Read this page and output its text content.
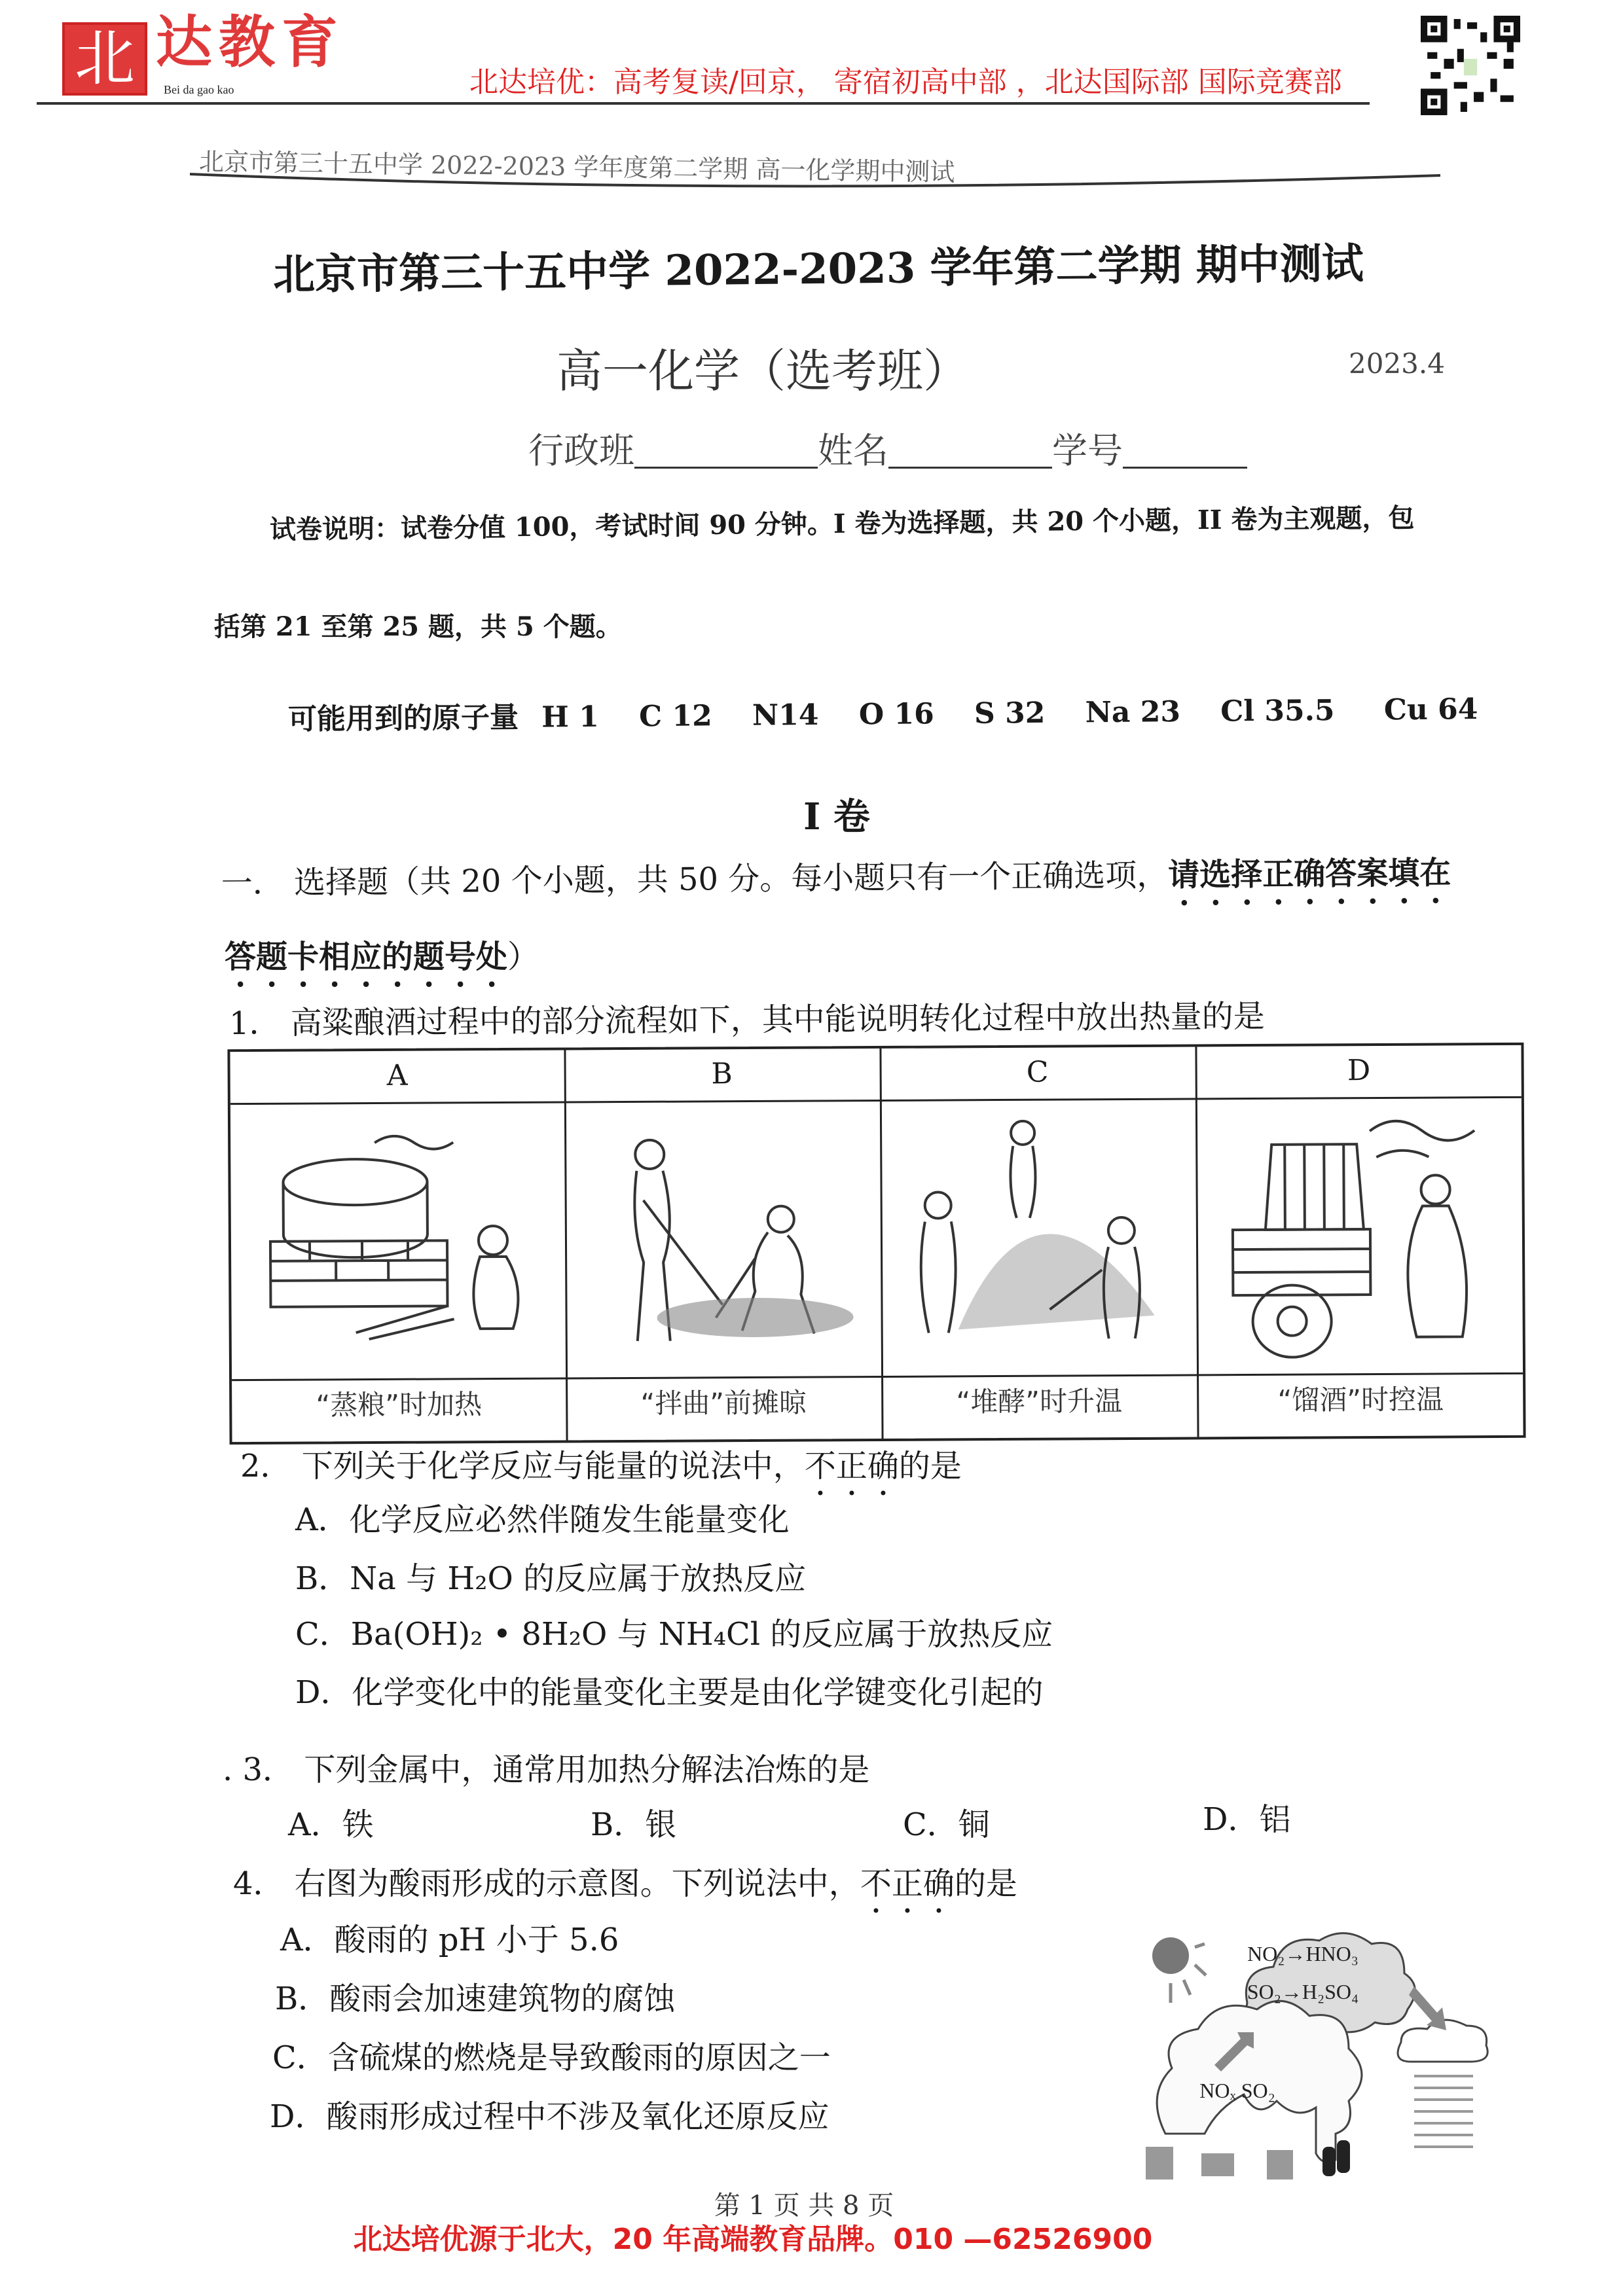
北 达教育
Bei da gao kao	北达培优：高考复读/回京， 寄宿初高中部 ，北达国际部 国际竞赛部
北京市第三十五中学 2022-2023 学年度第二学期 高一化学期中测试
北京市第三十五中学 2022-2023 学年第二学期 期中测试
高一化学（选考班）	2023.4
行政班	姓名	学号
试卷说明：试卷分值 100，考试时间 90 分钟。I 卷为选择题，共 20 个小题，II 卷为主观题，包
括第 21 至第 25 题，共 5 个题。
可能用到的原子量 H 1 C 12 N14 O 16 S 32 Na 23 Cl 35.5 Cu 64
I 卷
一． 选择题（共 20 个小题，共 50 分。每小题只有一个正确选项，请选择正确答案填在
答题卡相应的题号处）
1． 高粱酿酒过程中的部分流程如下，其中能说明转化过程中放出热量的是
A	B	C	D
“蒸粮”时加热	“拌曲”前摊晾	“堆酵”时升温	“馏酒”时控温
2． 下列关于化学反应与能量的说法中，不正确的是
A．化学反应必然伴随发生能量变化
B．Na 与 H₂O 的反应属于放热反应
C．Ba(OH)₂ • 8H₂O 与 NH₄Cl 的反应属于放热反应
D．化学变化中的能量变化主要是由化学键变化引起的
. 3． 下列金属中，通常用加热分解法冶炼的是
A．铁	B．银	C．铜	D．铝
4． 右图为酸雨形成的示意图。下列说法中，不正确的是
A．酸雨的 pH 小于 5.6
B．酸雨会加速建筑物的腐蚀
C．含硫煤的燃烧是导致酸雨的原因之一
D．酸雨形成过程中不涉及氧化还原反应
NO₂→HNO₃
SO₂→H₂SO₄
NOₓ SO₂
第 1 页 共 8 页
北达培优源于北大，20 年高端教育品牌。010 —62526900
